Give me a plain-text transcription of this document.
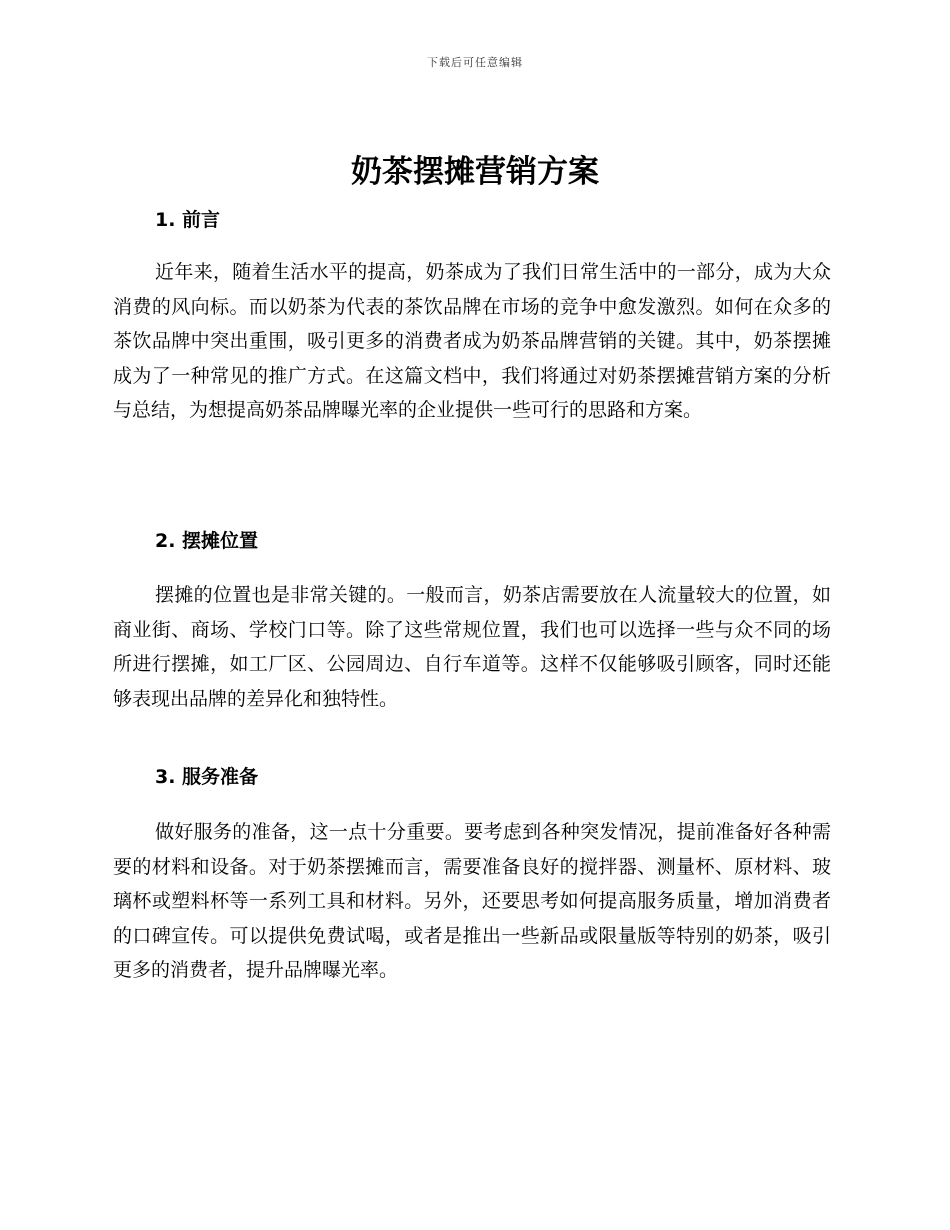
下载后可任意编辑
奶茶摆摊营销方案
1. 前言

近年来，随着生活水平的提高，奶茶成为了我们日常生活中的一部分，成为大众消费的风向标。而以奶茶为代表的茶饮品牌在市场的竞争中愈发激烈。如何在众多的茶饮品牌中突出重围，吸引更多的消费者成为奶茶品牌营销的关键。其中，奶茶摆摊成为了一种常见的推广方式。在这篇文档中，我们将通过对奶茶摆摊营销方案的分析与总结，为想提高奶茶品牌曝光率的企业提供一些可行的思路和方案。

2. 摆摊位置

摆摊的位置也是非常关键的。一般而言，奶茶店需要放在人流量较大的位置，如商业街、商场、学校门口等。除了这些常规位置，我们也可以选择一些与众不同的场所进行摆摊，如工厂区、公园周边、自行车道等。这样不仅能够吸引顾客，同时还能够表现出品牌的差异化和独特性。

3. 服务准备

做好服务的准备，这一点十分重要。要考虑到各种突发情况，提前准备好各种需要的材料和设备。对于奶茶摆摊而言，需要准备良好的搅拌器、测量杯、原材料、玻璃杯或塑料杯等一系列工具和材料。另外，还要思考如何提高服务质量，增加消费者的口碑宣传。可以提供免费试喝，或者是推出一些新品或限量版等特别的奶茶，吸引更多的消费者，提升品牌曝光率。
